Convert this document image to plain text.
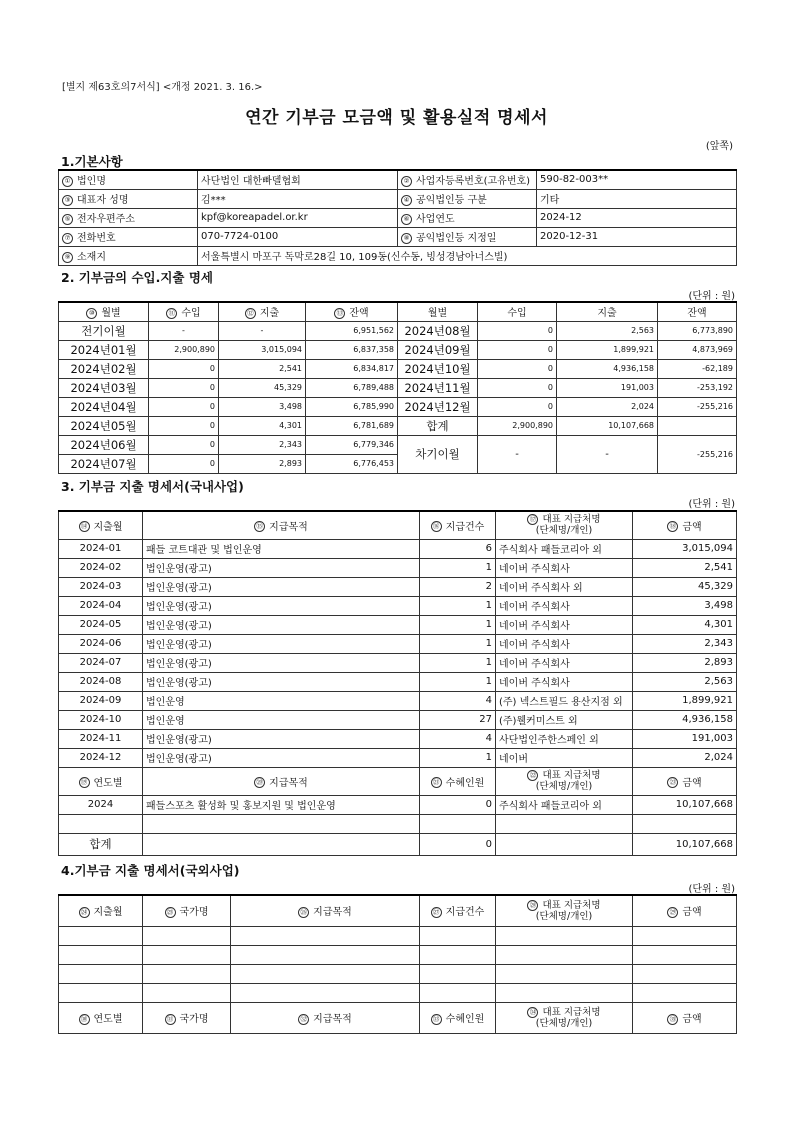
[별지 제63호의7서식] <개정 2021. 3. 16.>
연간 기부금 모금액 및 활용실적 명세서
(앞쪽)
1.기본사항
① 법인명	사단법인 대한빠델협회	② 사업자등록번호(고유번호)	590-82-003**
③ 대표자 성명	김***	④ 공익법인등 구분	기타
⑤ 전자우편주소	kpf@koreapadel.or.kr	⑥ 사업연도	2024-12
⑦ 전화번호	070-7724-0100	⑧ 공익법인등 지정일	2020-12-31
⑨ 소재지	서울특별시 마포구 독막로28길 10, 109동(신수동, 빙성경남아너스빌)		
2. 기부금의 수입.지출 명세
(단위 : 원)
⑩ 월별	⑪ 수입	⑫ 지출	⑬ 잔액	월별	수입	지출	잔액
전기이월	-	-	6,951,562	2024년08월	0	2,563	6,773,890
2024년01월	2,900,890	3,015,094	6,837,358	2024년09월	0	1,899,921	4,873,969
2024년02월	0	2,541	6,834,817	2024년10월	0	4,936,158	-62,189
2024년03월	0	45,329	6,789,488	2024년11월	0	191,003	-253,192
2024년04월	0	3,498	6,785,990	2024년12월	0	2,024	-255,216
2024년05월	0	4,301	6,781,689	합계	2,900,890	10,107,668	
2024년06월	0	2,343	6,779,346	차기이월	-	-	-255,216
2024년07월	0	2,893	6,776,453				
3. 기부금 지출 명세서(국내사업)
(단위 : 원)
⑭ 지출월	⑮ 지급목적	⑯ 지급건수	⑰ 대표 지급처명
(단체명/개인)	⑱ 금액
2024-01	패들 코트대관 및 법인운영	6	주식회사 패들코리아 외	3,015,094
2024-02	법인운영(광고)	1	네이버 주식회사	2,541
2024-03	법인운영(광고)	2	네이버 주식회사 외	45,329
2024-04	법인운영(광고)	1	네이버 주식회사	3,498
2024-05	법인운영(광고)	1	네이버 주식회사	4,301
2024-06	법인운영(광고)	1	네이버 주식회사	2,343
2024-07	법인운영(광고)	1	네이버 주식회사	2,893
2024-08	법인운영(광고)	1	네이버 주식회사	2,563
2024-09	법인운영	4	(주) 넥스트필드 용산지점 외	1,899,921
2024-10	법인운영	27	(주)웰커미스트 외	4,936,158
2024-11	법인운영(광고)	4	사단법인주한스페인 외	191,003
2024-12	법인운영(광고)	1	네이버	2,024
⑲ 연도별	⑳ 지급목적	㉑ 수혜인원	㉒ 대표 지급처명
(단체명/개인)	㉓ 금액
2024	패들스포츠 활성화 및 홍보지원 및 법인운영	0	주식회사 패들코리아 외	10,107,668

합계		0		10,107,668
4.기부금 지출 명세서(국외사업)
(단위 : 원)
㉔ 지출월	㉕ 국가명	㉖ 지급목적	㉗ 지급건수	㉘ 대표 지급처명
(단체명/개인)	㉙ 금액

㉚ 연도별	㉛ 국가명	㉜ 지급목적	㉝ 수혜인원	㉞ 대표 지급처명
(단체명/개인)	㉟ 금액
